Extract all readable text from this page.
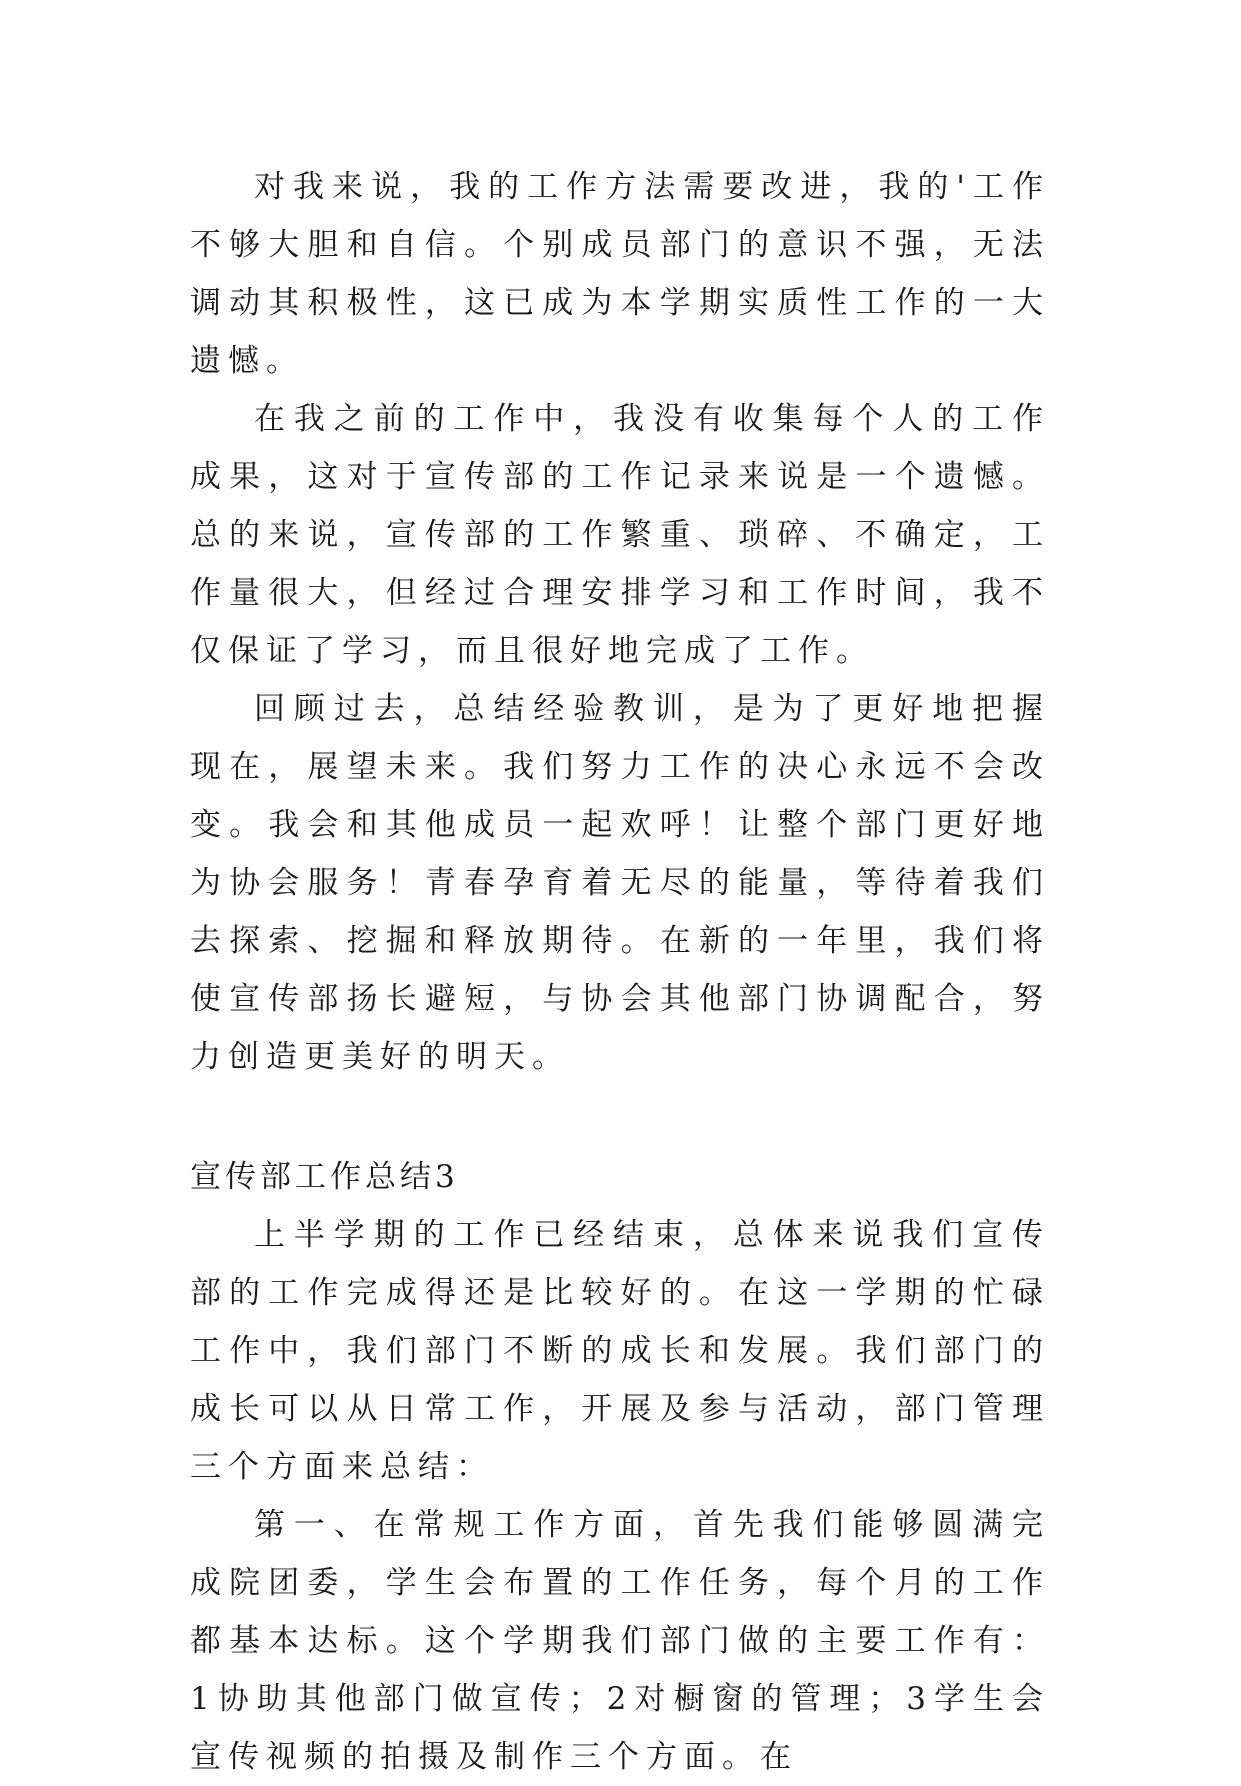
对我来说，我的工作方法需要改进，我的'工作不够大胆和自信。个别成员部门的意识不强，无法调动其积极性，这已成为本学期实质性工作的一大遗憾。

在我之前的工作中，我没有收集每个人的工作成果，这对于宣传部的工作记录来说是一个遗憾。总的来说，宣传部的工作繁重、琐碎、不确定，工作量很大，但经过合理安排学习和工作时间，我不仅保证了学习，而且很好地完成了工作。

回顾过去，总结经验教训，是为了更好地把握现在，展望未来。我们努力工作的决心永远不会改变。我会和其他成员一起欢呼！让整个部门更好地为协会服务！青春孕育着无尽的能量，等待着我们去探索、挖掘和释放期待。在新的一年里，我们将使宣传部扬长避短，与协会其他部门协调配合，努力创造更美好的明天。

宣传部工作总结3

上半学期的工作已经结束，总体来说我们宣传部的工作完成得还是比较好的。在这一学期的忙碌工作中，我们部门不断的成长和发展。我们部门的成长可以从日常工作，开展及参与活动，部门管理三个方面来总结：

第一、在常规工作方面，首先我们能够圆满完成院团委，学生会布置的工作任务，每个月的工作都基本达标。这个学期我们部门做的主要工作有：1协助其他部门做宣传；2对橱窗的管理；3学生会宣传视频的拍摄及制作三个方面。在
